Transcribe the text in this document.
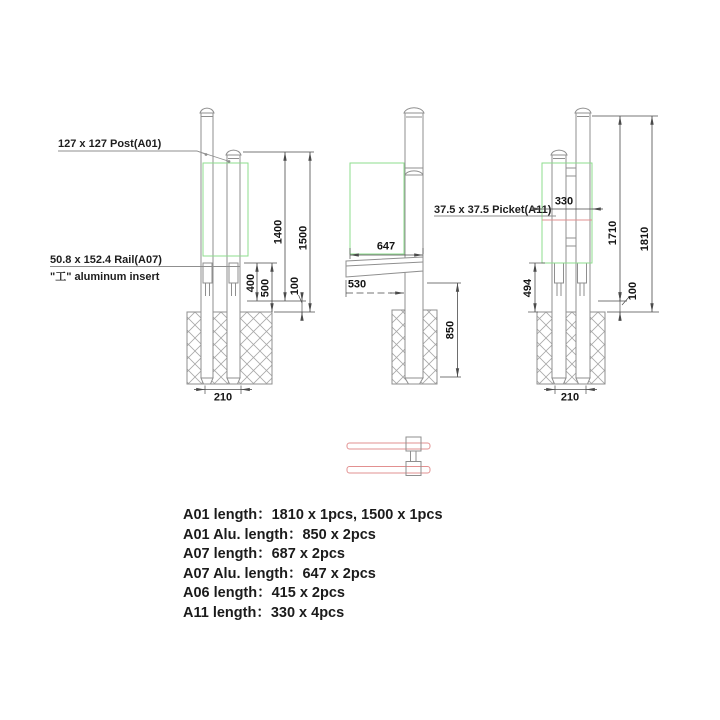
127 x 127 Post(A01)
50.8 x 152.4 Rail(A07)
"工" aluminum insert	400 500
1400 1500
100
210
647
530
850
37.5 x 37.5 Picket(A11)
330
1710 1810
100
494
210
A01 length：1810 x 1pcs, 1500 x 1pcs
A01 Alu. length：850 x 2pcs
A07 length：687 x 2pcs
A07 Alu. length：647 x 2pcs
A06 length：415 x 2pcs
A11 length：330 x 4pcs
